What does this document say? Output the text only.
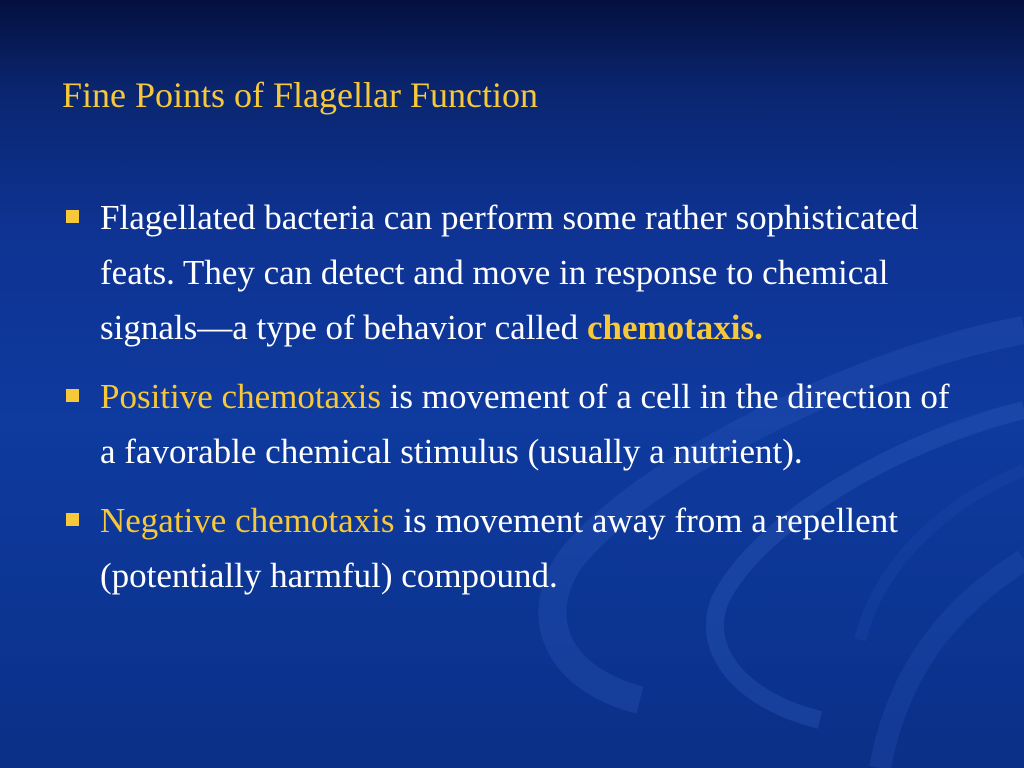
Fine Points of Flagellar Function
Flagellated bacteria can perform some rather sophisticated feats. They can detect and move in response to chemical signals—a type of behavior called chemotaxis.
Positive chemotaxis is movement of a cell in the direction of a favorable chemical stimulus (usually a nutrient).
Negative chemotaxis is movement away from a repellent (potentially harmful) compound.
